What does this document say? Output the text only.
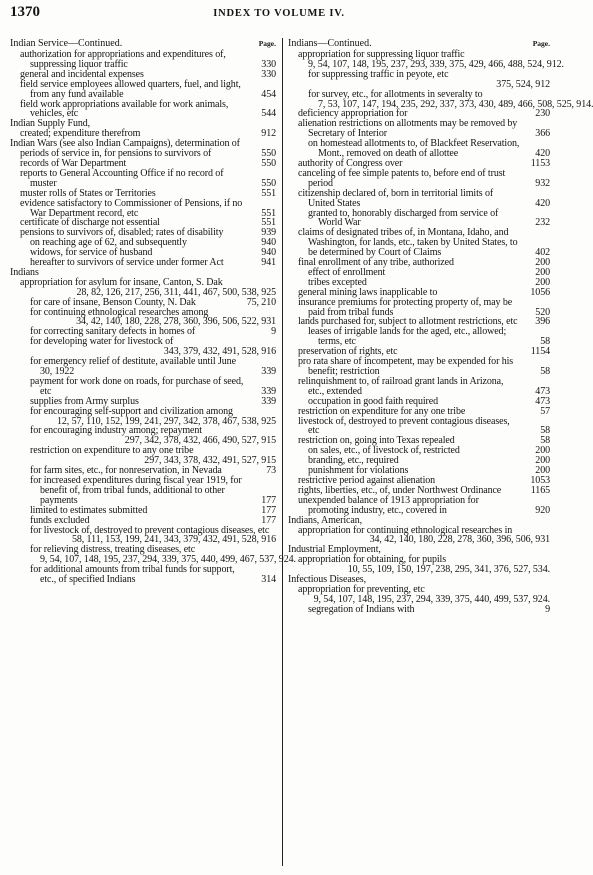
1370	INDEX TO VOLUME IV.
Indian Service—Continued.	Page.
authorization for appropriations and expenditures of, suppressing liquor traffic	330
general and incidental expenses	330
field service employees allowed quarters, fuel, and light, from any fund available	454
field work appropriations available for work animals, vehicles, etc	544
Indian Supply Fund,
created; expenditure therefrom	912
Indian Wars (see also Indian Campaigns), determination of periods of service in, for pensions to survivors of	550
records of War Department	550
reports to General Accounting Office if no record of muster	550
muster rolls of States or Territories	551
evidence satisfactory to Commissioner of Pensions, if no War Department record, etc	551
certificate of discharge not essential	551
pensions to survivors of, disabled; rates of disability	939
on reaching age of 62, and subsequently	940
widows, for service of husband	940
hereafter to survivors of service under former Act	941
Indians
appropriation for asylum for insane, Canton, S. Dak
28, 82, 126, 217, 256, 311, 441, 467, 500, 538, 925
for care of insane, Benson County, N. Dak	75, 210
for continuing ethnological researches among
34, 42, 140, 180, 228, 278, 360, 396, 506, 522, 931
for correcting sanitary defects in homes of	9
for developing water for livestock of
343, 379, 432, 491, 528, 916
for emergency relief of destitute, available until June 30, 1922	339
payment for work done on roads, for purchase of seed, etc	339
supplies from Army surplus	339
for encouraging self-support and civilization among
12, 57, 110, 152, 199, 241, 297, 342, 378, 467, 538, 925
for encouraging industry among; repayment
297, 342, 378, 432, 466, 490, 527, 915
restriction on expenditure to any one tribe
297, 343, 378, 432, 491, 527, 915
for farm sites, etc., for nonreservation, in Nevada	73
for increased expenditures during fiscal year 1919, for benefit of, from tribal funds, additional to other payments	177
limited to estimates submitted	177
funds excluded	177
for livestock of, destroyed to prevent contagious diseases, etc
58, 111, 153, 199, 241, 343, 379, 432, 491, 528, 916
for relieving distress, treating diseases, etc
9, 54, 107, 148, 195, 237, 294, 339, 375, 440, 499, 467, 537, 924.
for additional amounts from tribal funds for support, etc., of specified Indians	314
Indians—Continued.	Page.
appropriation for suppressing liquor traffic
9, 54, 107, 148, 195, 237, 293, 339, 375, 429, 466, 488, 524, 912.
for suppressing traffic in peyote, etc
375, 524, 912
for survey, etc., for allotments in severalty to
7, 53, 107, 147, 194, 235, 292, 337, 373, 430, 489, 466, 508, 525, 914.
deficiency appropriation for	230
alienation restrictions on allotments may be removed by Secretary of Interior	366
on homestead allotments to, of Blackfeet Reservation, Mont., removed on death of allottee	420
authority of Congress over	1153
canceling of fee simple patents to, before end of trust period	932
citizenship declared of, born in territorial limits of United States	420
granted to, honorably discharged from service of World War	232
claims of designated tribes of, in Montana, Idaho, and Washington, for lands, etc., taken by United States, to be determined by Court of Claims	402
final enrollment of any tribe, authorized	200
effect of enrollment	200
tribes excepted	200
general mining laws inapplicable to	1056
insurance premiums for protecting property of, may be paid from tribal funds	520
lands purchased for, subject to allotment restrictions, etc 396
leases of irrigable lands for the aged, etc., allowed; terms, etc	58
preservation of rights, etc	1154
pro rata share of incompetent, may be expended for his benefit; restriction	58
relinquishment to, of railroad grant lands in Arizona, etc., extended	473
occupation in good faith required	473
restriction on expenditure for any one tribe	57
livestock of, destroyed to prevent contagious diseases, etc	58
restriction on, going into Texas repealed	58
on sales, etc., of livestock of, restricted	200
branding, etc., required	200
punishment for violations	200
restrictive period against alienation	1053
rights, liberties, etc., of, under Northwest Ordinance	1165
unexpended balance of 1913 appropriation for promoting industry, etc., covered in	920
Indians, American,
appropriation for continuing ethnological researches in
34, 42, 140, 180, 228, 278, 360, 396, 506, 931
Industrial Employment,
appropriation for obtaining, for pupils
10, 55, 109, 150, 197, 238, 295, 341, 376, 527, 534.
Infectious Diseases,
appropriation for preventing, etc
9, 54, 107, 148, 195, 237, 294, 339, 375, 440, 499, 537, 924.
segregation of Indians with	9
